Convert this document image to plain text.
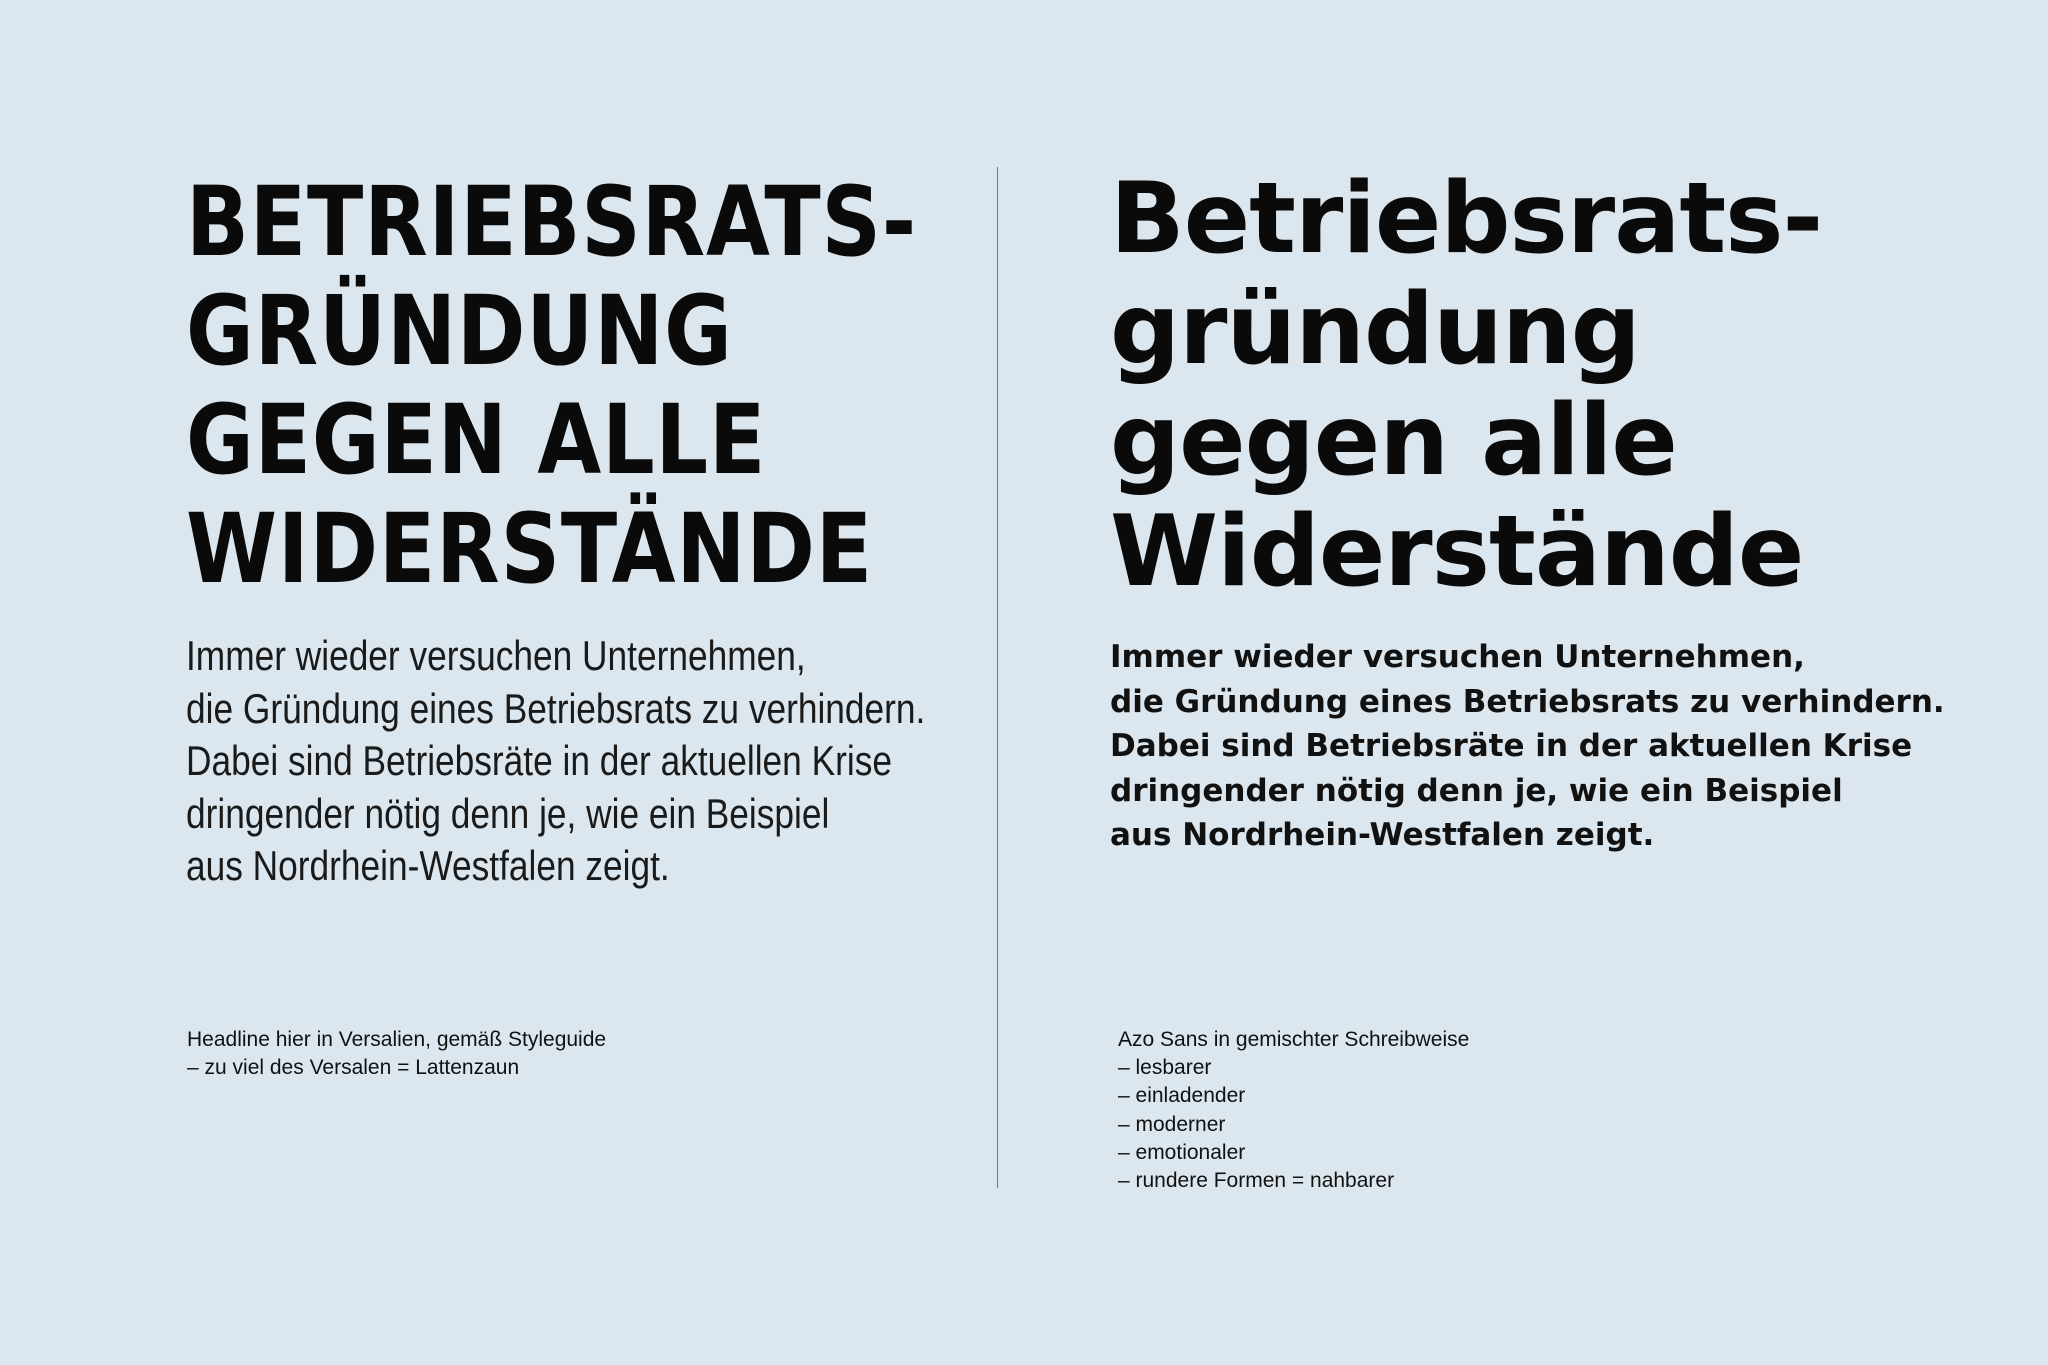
BETRIEBSRATS-
GRÜNDUNG
GEGEN ALLE
WIDERSTÄNDE

Immer wieder versuchen Unternehmen,
die Gründung eines Betriebsrats zu verhindern.
Dabei sind Betriebsräte in der aktuellen Krise
dringender nötig denn je, wie ein Beispiel
aus Nordrhein-Westfalen zeigt.

Headline hier in Versalien, gemäß Styleguide
– zu viel des Versalen = Lattenzaun

Betriebsrats-
gründung
gegen alle
Widerstände

Immer wieder versuchen Unternehmen,
die Gründung eines Betriebsrats zu verhindern.
Dabei sind Betriebsräte in der aktuellen Krise
dringender nötig denn je, wie ein Beispiel
aus Nordrhein-Westfalen zeigt.

Azo Sans in gemischter Schreibweise
– lesbarer
– einladender
– moderner
– emotionaler
– rundere Formen = nahbarer
